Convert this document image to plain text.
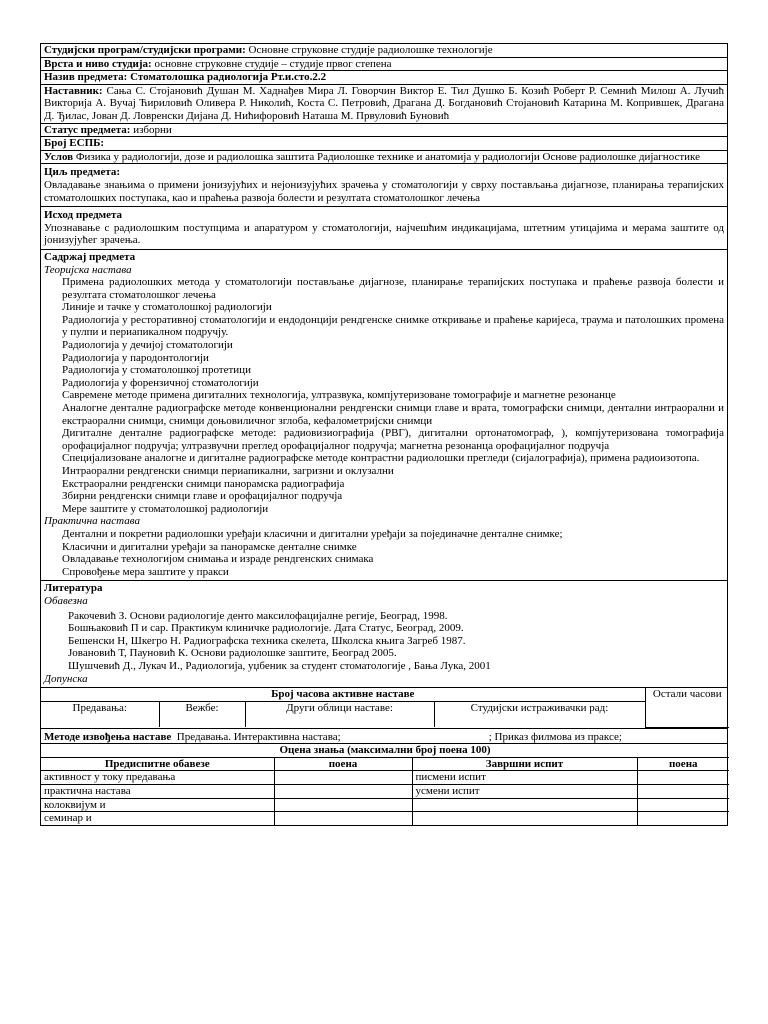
Студијски програм/студијски програми: Основне струковне студије радиолошке технологије
Врста и ниво студија: основне струковне студије – студије првог степена
Назив предмета: Стоматолошка радиологија Рт.и.сто.2.2
Наставник: Сања С. Стојановић Душан М. Хаднађев Мира Л. Говорчин Виктор Е. Тил Душко Б. Козић Роберт Р. Семнић Милош А. Лучић Викторија А. Вучај Ћириловић Оливера Р. Николић, Коста С. Петровић, Драгана Д. Богдановић Стојановић Катарина М. Копрившек, Драгана Д. Ђилас, Јован Д. Ловренски Дијана Д. Нићифоровић Наташа М. Првуловић Буновић
Статус предмета: изборни
Број ЕСПБ:
Услов Физика у радиологији, дозе и радиолошка заштита Радиолошке технике и анатомија у радиологији Основе радиолошке дијагностике

Циљ предмета:
Овладавање знањима о примени јонизујућих и нејонизујућих зрачења у стоматологији у сврху постављања дијагнозе, планирања терапијских стоматолошких поступака, као и праћења развоја болести и резултата стоматолошког лечења

Исход предмета
Упознавање с радиолошким поступцима и апаратуром у стоматологији, најчешћим индикацијама, штетним утицајима и мерама заштите од јонизујућег зрачења.

Садржај предмета
Теоријска настава
Примена радиолошких метода у стоматологији постављање дијагнозе, планирање терапијских поступака и праћење развоја болести и резултата стоматолошког лечења
Линије и тачке у стоматолошкој радиологији
Радиологија у ресторативној стоматологији и ендодонцији рендгенске снимке откривање и праћење каријеса, траума и патолошких промена у пулпи и периапикалном подручју.
Радиологија у дечијој стоматологији
Радиологија у пародонтологији
Радиологија у стоматолошкој протетици
Радиологија у форензичној стоматологији
Савремене методе примена дигиталних технологија, ултразвука, компјутеризоване томографије и магнетне резонанце
Аналогне денталне радиографске методе конвенционални рендгенски снимци главе и врата, томографски снимци, дентални интраорални и екстраорални снимци, снимци доњовиличног зглоба, кефалометријски снимци
Дигиталне денталне радиографске методе: радиовизиографија (РВГ), дигитални ортонатомограф, ), компјутеризована томографија орофацијалног подручја; ултразвучни преглед орофацијалног подручја; магнетна резонанца орофацијалног подручја
Специјализоване аналогне и дигиталне радиографске методе контрастни радиолошки прегледи (сијалографија), примена радиоизотопа.
Интраорални рендгенски снимци периапикални, загризни и оклузални
Екстраорални рендгенски снимци панорамска радиографија
Збирни рендгенски снимци главе и орофацијалног подручја
Мере заштите у стоматолошкој радиологији
Практична настава
Дентални и покретни радиолошки уређаји класични и дигитални уређаји за појединачне денталне снимке;
Класични и дигитални уређаји за панорамске денталне снимке
Овладавање технологијом снимања и израде рендгенских снимака
Спровођење мера заштите у пракси

Литература
Обавезна
Ракочевић З. Основи радиологије денто максилофацијалне регије, Београд, 1998.
Бошњаковић П и сар. Практикум клиничке радиологије. Дата Статус, Београд, 2009.
Бешенски Н, Шкегро Н. Радиографска техника скелета, Школска књига Загреб 1987.
Јовановић Т, Пауновић К. Основи радиолошке заштите, Београд 2005.
Шушчевић Д., Лукач И., Радиологија, уџбеник за студент стоматологије , Бања Лука, 2001
Допунска

Број часова активне наставе	Остали часови
Предавања:	Вежбе:	Други облици наставе:	Студијски истраживачки рад:

Методе извођења наставе Предавања. Интерактивна настава;	; Приказ филмова из праксе;

Оцена знања (максимални број поена 100)
Предиспитне обавезе	поена	Завршни испит	поена
активност у току предавања		писмени испит	
практична настава		усмени испит	
колоквијум и			
семинар и			
